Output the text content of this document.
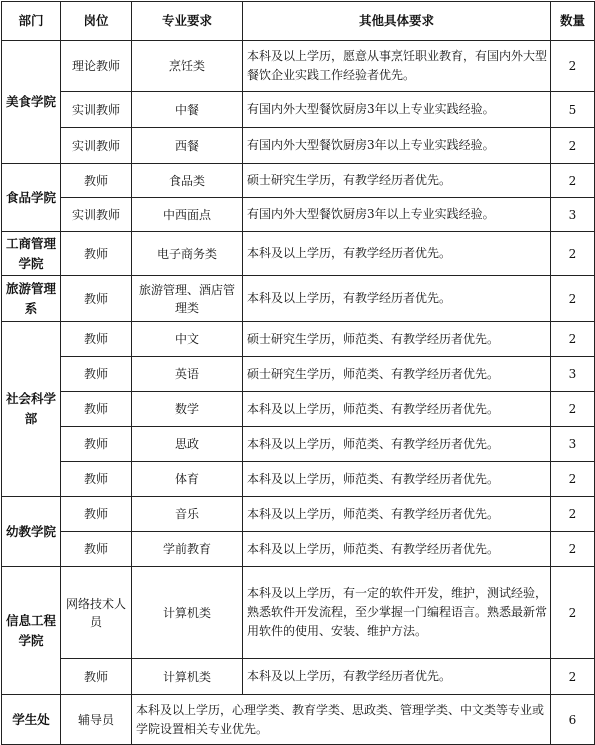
部门	岗位	专业要求	其他具体要求	数量
美食学院	理论教师	烹饪类	本科及以上学历，愿意从事烹饪职业教育，有国内外大型餐饮企业实践工作经验者优先。	2
	实训教师	中餐	有国内外大型餐饮厨房3年以上专业实践经验。	5
	实训教师	西餐	有国内外大型餐饮厨房3年以上专业实践经验。	2
食品学院	教师	食品类	硕士研究生学历，有教学经历者优先。	2
	实训教师	中西面点	有国内外大型餐饮厨房3年以上专业实践经验。	3
工商管理学院	教师	电子商务类	本科及以上学历，有教学经历者优先。	2
旅游管理系	教师	旅游管理、酒店管理类	本科及以上学历，有教学经历者优先。	2
社会科学部	教师	中文	硕士研究生学历，师范类、有教学经历者优先。	2
	教师	英语	硕士研究生学历，师范类、有教学经历者优先。	3
	教师	数学	本科及以上学历，师范类、有教学经历者优先。	2
	教师	思政	本科及以上学历，师范类、有教学经历者优先。	3
	教师	体育	本科及以上学历，师范类、有教学经历者优先。	2
幼教学院	教师	音乐	本科及以上学历，师范类、有教学经历者优先。	2
	教师	学前教育	本科及以上学历，师范类、有教学经历者优先。	2
信息工程学院	网络技术人员	计算机类	本科及以上学历，有一定的软件开发，维护，测试经验，熟悉软件开发流程，至少掌握一门编程语言。熟悉最新常用软件的使用、安装、维护方法。	2
	教师	计算机类	本科及以上学历，有教学经历者优先。	2
学生处	辅导员	本科及以上学历，心理学类、教育学类、思政类、管理学类、中文类等专业或学院设置相关专业优先。		6
